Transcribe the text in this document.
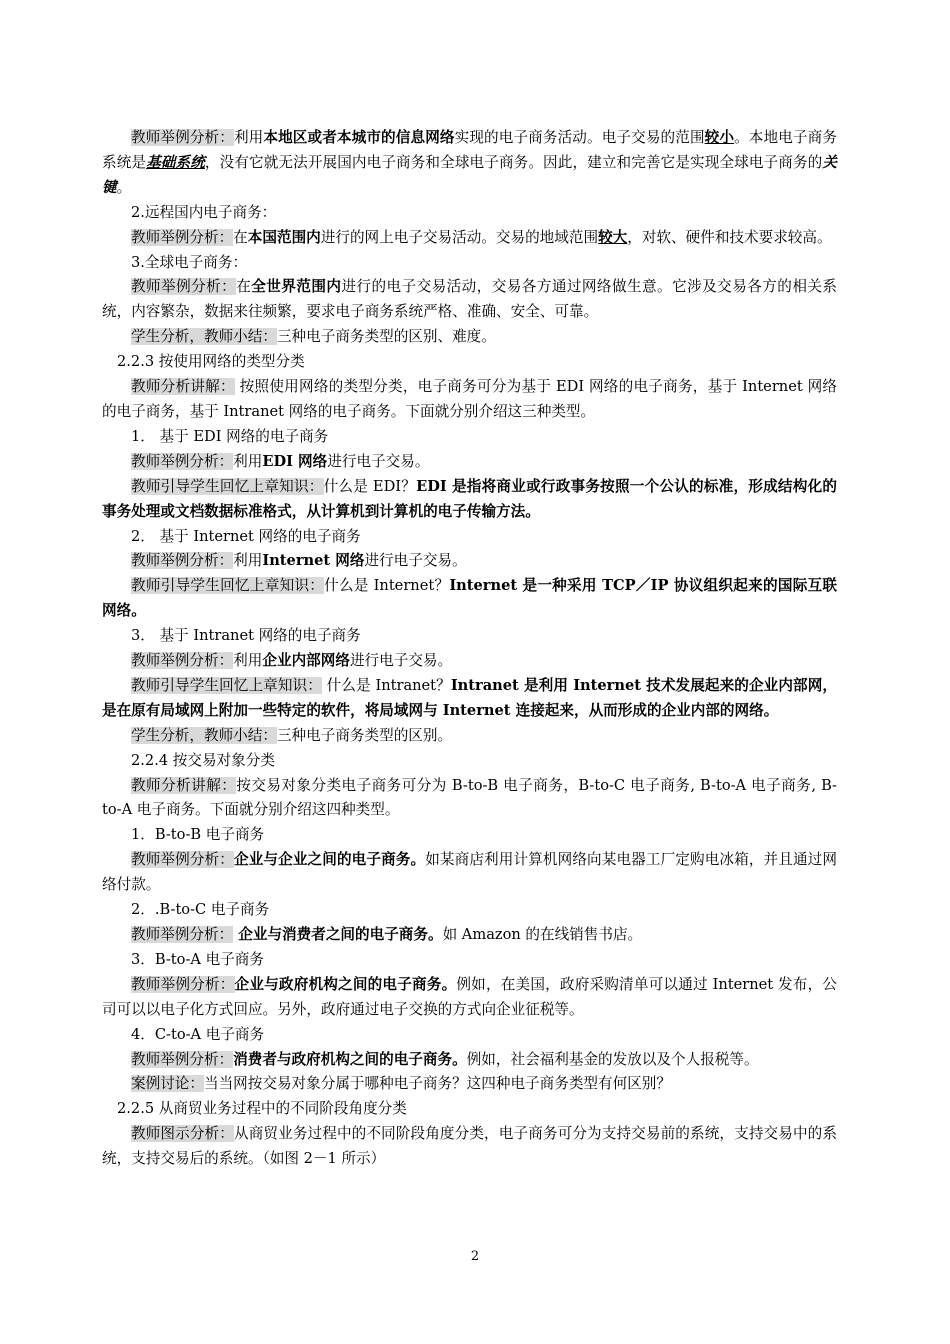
教师举例分析：利用本地区或者本城市的信息网络实现的电子商务活动。电子交易的范围较小。本地电子商务系统是基础系统，没有它就无法开展国内电子商务和全球电子商务。因此，建立和完善它是实现全球电子商务的关键。

2.远程国内电子商务：

教师举例分析：在本国范围内进行的网上电子交易活动。交易的地域范围较大，对软、硬件和技术要求较高。

3.全球电子商务：

教师举例分析：在全世界范围内进行的电子交易活动，交易各方通过网络做生意。它涉及交易各方的相关系统，内容繁杂，数据来往频繁，要求电子商务系统严格、准确、安全、可靠。

学生分析，教师小结：三种电子商务类型的区别、难度。

2.2.3 按使用网络的类型分类

教师分析讲解： 按照使用网络的类型分类，电子商务可分为基于 EDI 网络的电子商务，基于 Internet 网络的电子商务，基于 Intranet 网络的电子商务。下面就分别介绍这三种类型。

1． 基于 EDI 网络的电子商务

教师举例分析：利用EDI 网络进行电子交易。

教师引导学生回忆上章知识：什么是 EDI？EDI 是指将商业或行政事务按照一个公认的标准，形成结构化的事务处理或文档数据标准格式，从计算机到计算机的电子传输方法。

2． 基于 Internet 网络的电子商务

教师举例分析：利用Internet 网络进行电子交易。

教师引导学生回忆上章知识：什么是 Internet？Internet 是一种采用 TCP／IP 协议组织起来的国际互联网络。

3． 基于 Intranet 网络的电子商务

教师举例分析：利用企业内部网络进行电子交易。

教师引导学生回忆上章知识： 什么是 Intranet？Intranet 是利用 Internet 技术发展起来的企业内部网，是在原有局域网上附加一些特定的软件，将局域网与 Internet 连接起来，从而形成的企业内部的网络。

学生分析，教师小结：三种电子商务类型的区别。

2.2.4 按交易对象分类

教师分析讲解：按交易对象分类电子商务可分为 B-to-B 电子商务，B-to-C 电子商务, B-to-A 电子商务, B-to-A 电子商务。下面就分别介绍这四种类型。

1．B-to-B 电子商务

教师举例分析：企业与企业之间的电子商务。如某商店利用计算机网络向某电器工厂定购电冰箱，并且通过网络付款。

2．.B-to-C 电子商务

教师举例分析： 企业与消费者之间的电子商务。如 Amazon 的在线销售书店。

3．B-to-A 电子商务

教师举例分析：企业与政府机构之间的电子商务。例如，在美国，政府采购清单可以通过 Internet 发布，公司可以以电子化方式回应。另外，政府通过电子交换的方式向企业征税等。

4．C-to-A 电子商务

教师举例分析：消费者与政府机构之间的电子商务。例如，社会福利基金的发放以及个人报税等。

案例讨论：当当网按交易对象分属于哪种电子商务？这四种电子商务类型有何区别？

2.2.5 从商贸业务过程中的不同阶段角度分类

教师图示分析：从商贸业务过程中的不同阶段角度分类，电子商务可分为支持交易前的系统，支持交易中的系统，支持交易后的系统。（如图 2－1 所示）

2
